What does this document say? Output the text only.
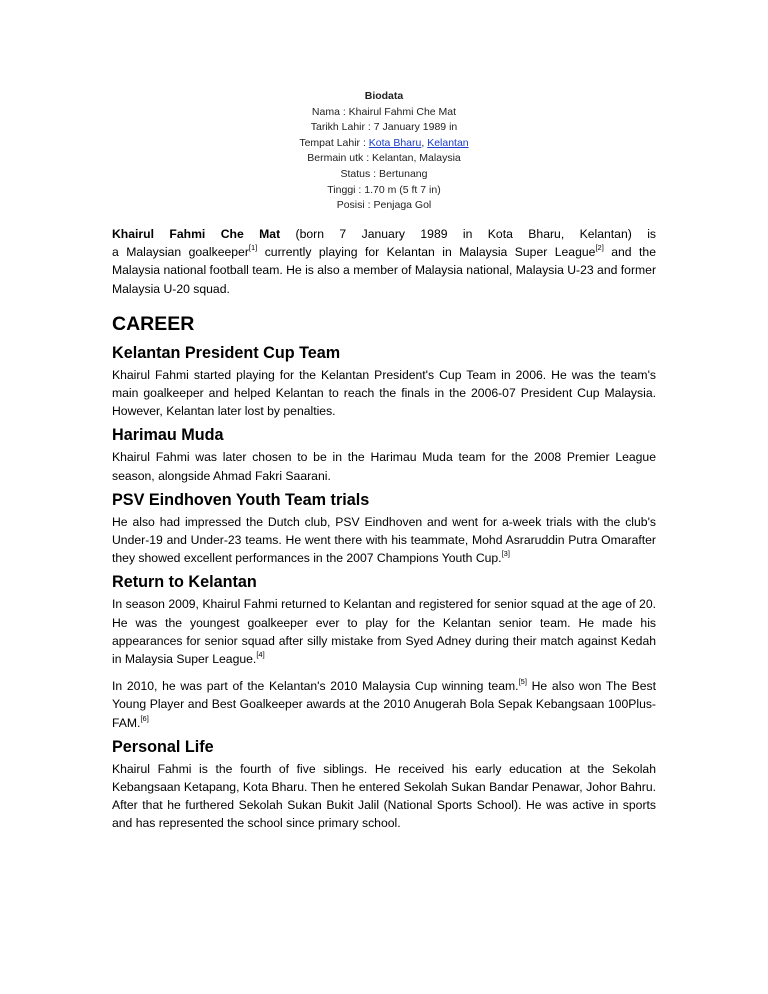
Biodata
Nama : Khairul Fahmi Che Mat
Tarikh Lahir : 7 January 1989 in
Tempat Lahir : Kota Bharu, Kelantan
Bermain utk : Kelantan, Malaysia
Status : Bertunang
Tinggi : 1.70 m (5 ft 7 in)
Posisi : Penjaga Gol

Khairul Fahmi Che Mat (born 7 January 1989 in Kota Bharu, Kelantan) is
a Malaysian goalkeeper[1] currently playing for Kelantan in Malaysia Super League[2] and the Malaysia national football team. He is also a member of Malaysia national, Malaysia U-23 and former Malaysia U-20 squad.

CAREER
Kelantan President Cup Team

Khairul Fahmi started playing for the Kelantan President's Cup Team in 2006. He was the team's main goalkeeper and helped Kelantan to reach the finals in the 2006-07 President Cup Malaysia. However, Kelantan later lost by penalties.

Harimau Muda

Khairul Fahmi was later chosen to be in the Harimau Muda team for the 2008 Premier League season, alongside Ahmad Fakri Saarani.

PSV Eindhoven Youth Team trials

He also had impressed the Dutch club, PSV Eindhoven and went for a-week trials with the club's Under-19 and Under-23 teams. He went there with his teammate, Mohd Asraruddin Putra Omarafter they showed excellent performances in the 2007 Champions Youth Cup.[3]

Return to Kelantan

In season 2009, Khairul Fahmi returned to Kelantan and registered for senior squad at the age of 20. He was the youngest goalkeeper ever to play for the Kelantan senior team. He made his appearances for senior squad after silly mistake from Syed Adney during their match against Kedah in Malaysia Super League.[4]

In 2010, he was part of the Kelantan's 2010 Malaysia Cup winning team.[5] He also won The Best Young Player and Best Goalkeeper awards at the 2010 Anugerah Bola Sepak Kebangsaan 100Plus-FAM.[6]

Personal Life

Khairul Fahmi is the fourth of five siblings. He received his early education at the Sekolah Kebangsaan Ketapang, Kota Bharu. Then he entered Sekolah Sukan Bandar Penawar, Johor Bahru. After that he furthered Sekolah Sukan Bukit Jalil (National Sports School). He was active in sports and has represented the school since primary school.
